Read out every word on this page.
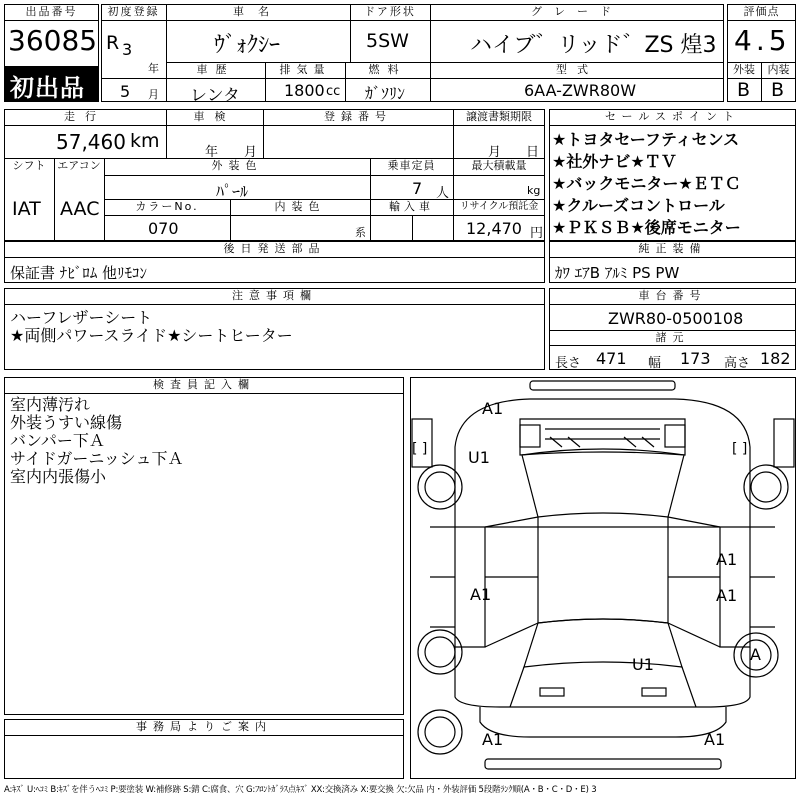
出品番号
36085
初出品
初度登録
R 3
年
5 月
車名
ｳﾞｫｸｼｰ
ドア形状
5SW
グレード
ハイブ゛リッド゛ZS 煌3
車歴
レンタ
排気量
1800 cc
燃料
ｶﾞｿﾘﾝ
型式
6AA-ZWR80W
評価点
4.5
外装	内装
B B
走行
57,460 km
車検
年 月
登録番号	譲渡書類期限
月 日
シフト
IAT
エアコン
AAC
外装色
ﾊﾟｰﾙ
乗車定員
7 人
最大積載量
kg
カラーNo.
070
内装色
系
輸入車	リサイクル預託金
12,470 円
セールスポイント
★トヨタセーフティセンス
★社外ナビ★ＴＶ
★バックモニター★ＥＴＣ
★クルーズコントロール
★ＰＫＳＢ★後席モニター
後日発送部品
保証書 ﾅﾋﾞﾛﾑ 他ﾘﾓｺﾝ
純正装備
ｶﾜ ｴｱB ｱﾙﾐ PS PW
注意事項欄
ハーフレザーシート
★両側パワースライド★シートヒーター
車台番号
ZWR80-0500108
諸元
長さ 471 幅 173 高さ 182
検査員記入欄
室内薄汚れ
外装うすい線傷
バンパー下Ａ
サイドガーニッシュ下Ａ
室内内張傷小
事務局よりご案内
A1
[ ]	[ ]
U1
A1
A1	A1
U1
A
A1	A1
A:ｷｽﾞ U:ﾍｺﾐ B:ｷｽﾞを伴うﾍｺﾐ P:要塗装 W:補修跡 S:錆 C:腐食、穴 G:ﾌﾛﾝﾄｶﾞﾗｽ点ｷｽﾞ XX:交換済み X:要交換 欠:欠品 内・外装評価 5段階ﾗﾝｸ順(A・B・C・D・E) 3
